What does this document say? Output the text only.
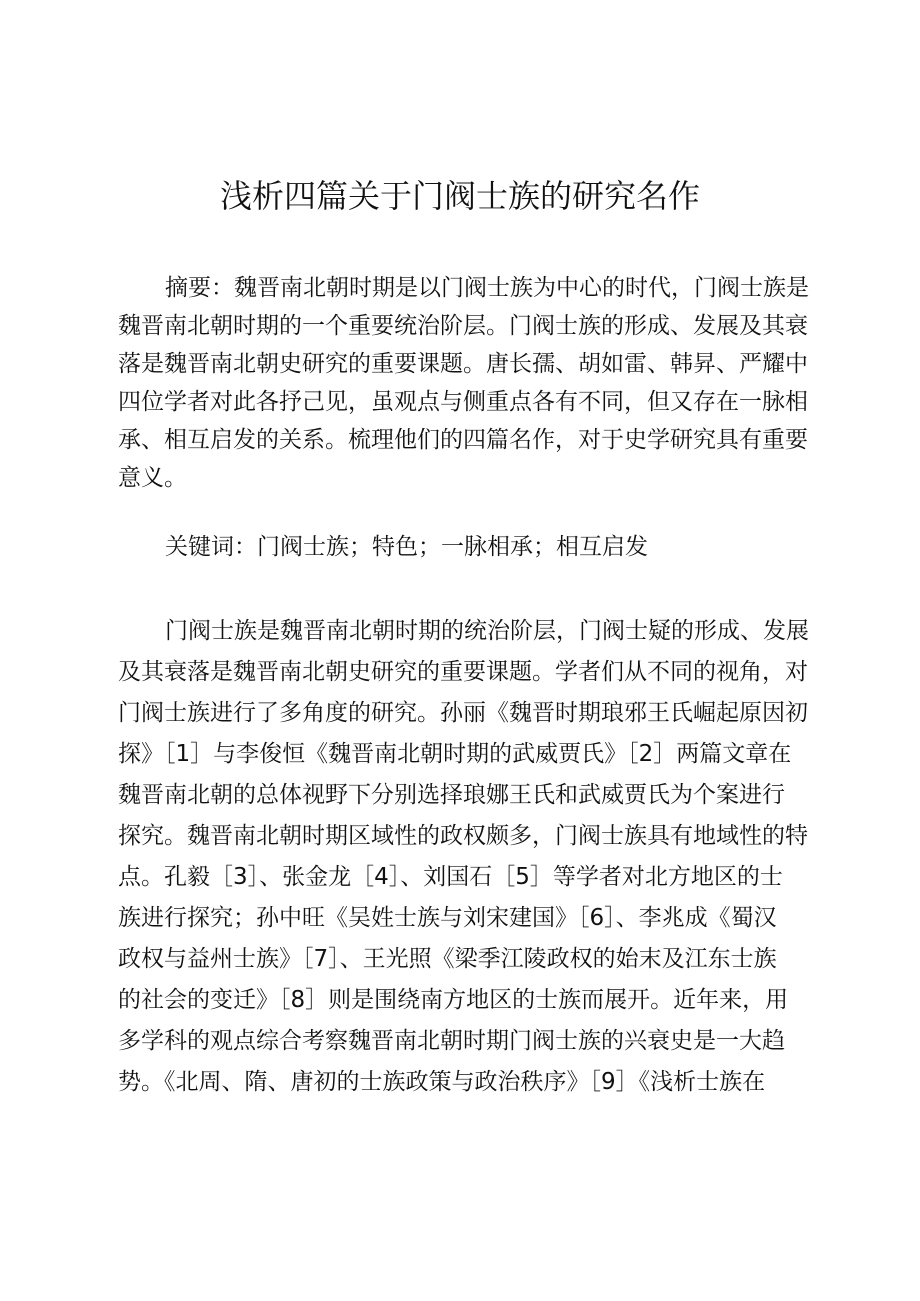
浅析四篇关于门阀士族的研究名作
摘要：魏晋南北朝时期是以门阀士族为中心的时代，门阀士族是
魏晋南北朝时期的一个重要统治阶层。门阀士族的形成、发展及其衰
落是魏晋南北朝史研究的重要课题。唐长孺、胡如雷、韩昇、严耀中
四位学者对此各抒己见，虽观点与侧重点各有不同，但又存在一脉相
承、相互启发的关系。梳理他们的四篇名作，对于史学研究具有重要
意义。
关键词：门阀士族；特色；一脉相承；相互启发
门阀士族是魏晋南北朝时期的统治阶层，门阀士疑的形成、发展
及其衰落是魏晋南北朝史研究的重要课题。学者们从不同的视角，对
门阀士族进行了多角度的研究。孙丽《魏晋时期琅邪王氏崛起原因初
探》［1］与李俊恒《魏晋南北朝时期的武威贾氏》［2］两篇文章在
魏晋南北朝的总体视野下分别选择琅娜王氏和武威贾氏为个案进行
探究。魏晋南北朝时期区域性的政权颇多，门阀士族具有地域性的特
点。孔毅［3］、张金龙［4］、刘国石［5］等学者对北方地区的士
族进行探究；孙中旺《吴姓士族与刘宋建国》［6］、李兆成《蜀汉
政权与益州士族》［7］、王光照《梁季江陵政权的始末及江东士族
的社会的变迁》［8］则是围绕南方地区的士族而展开。近年来，用
多学科的观点综合考察魏晋南北朝时期门阀士族的兴衰史是一大趋
势。《北周、隋、唐初的士族政策与政治秩序》［9］《浅析士族在
